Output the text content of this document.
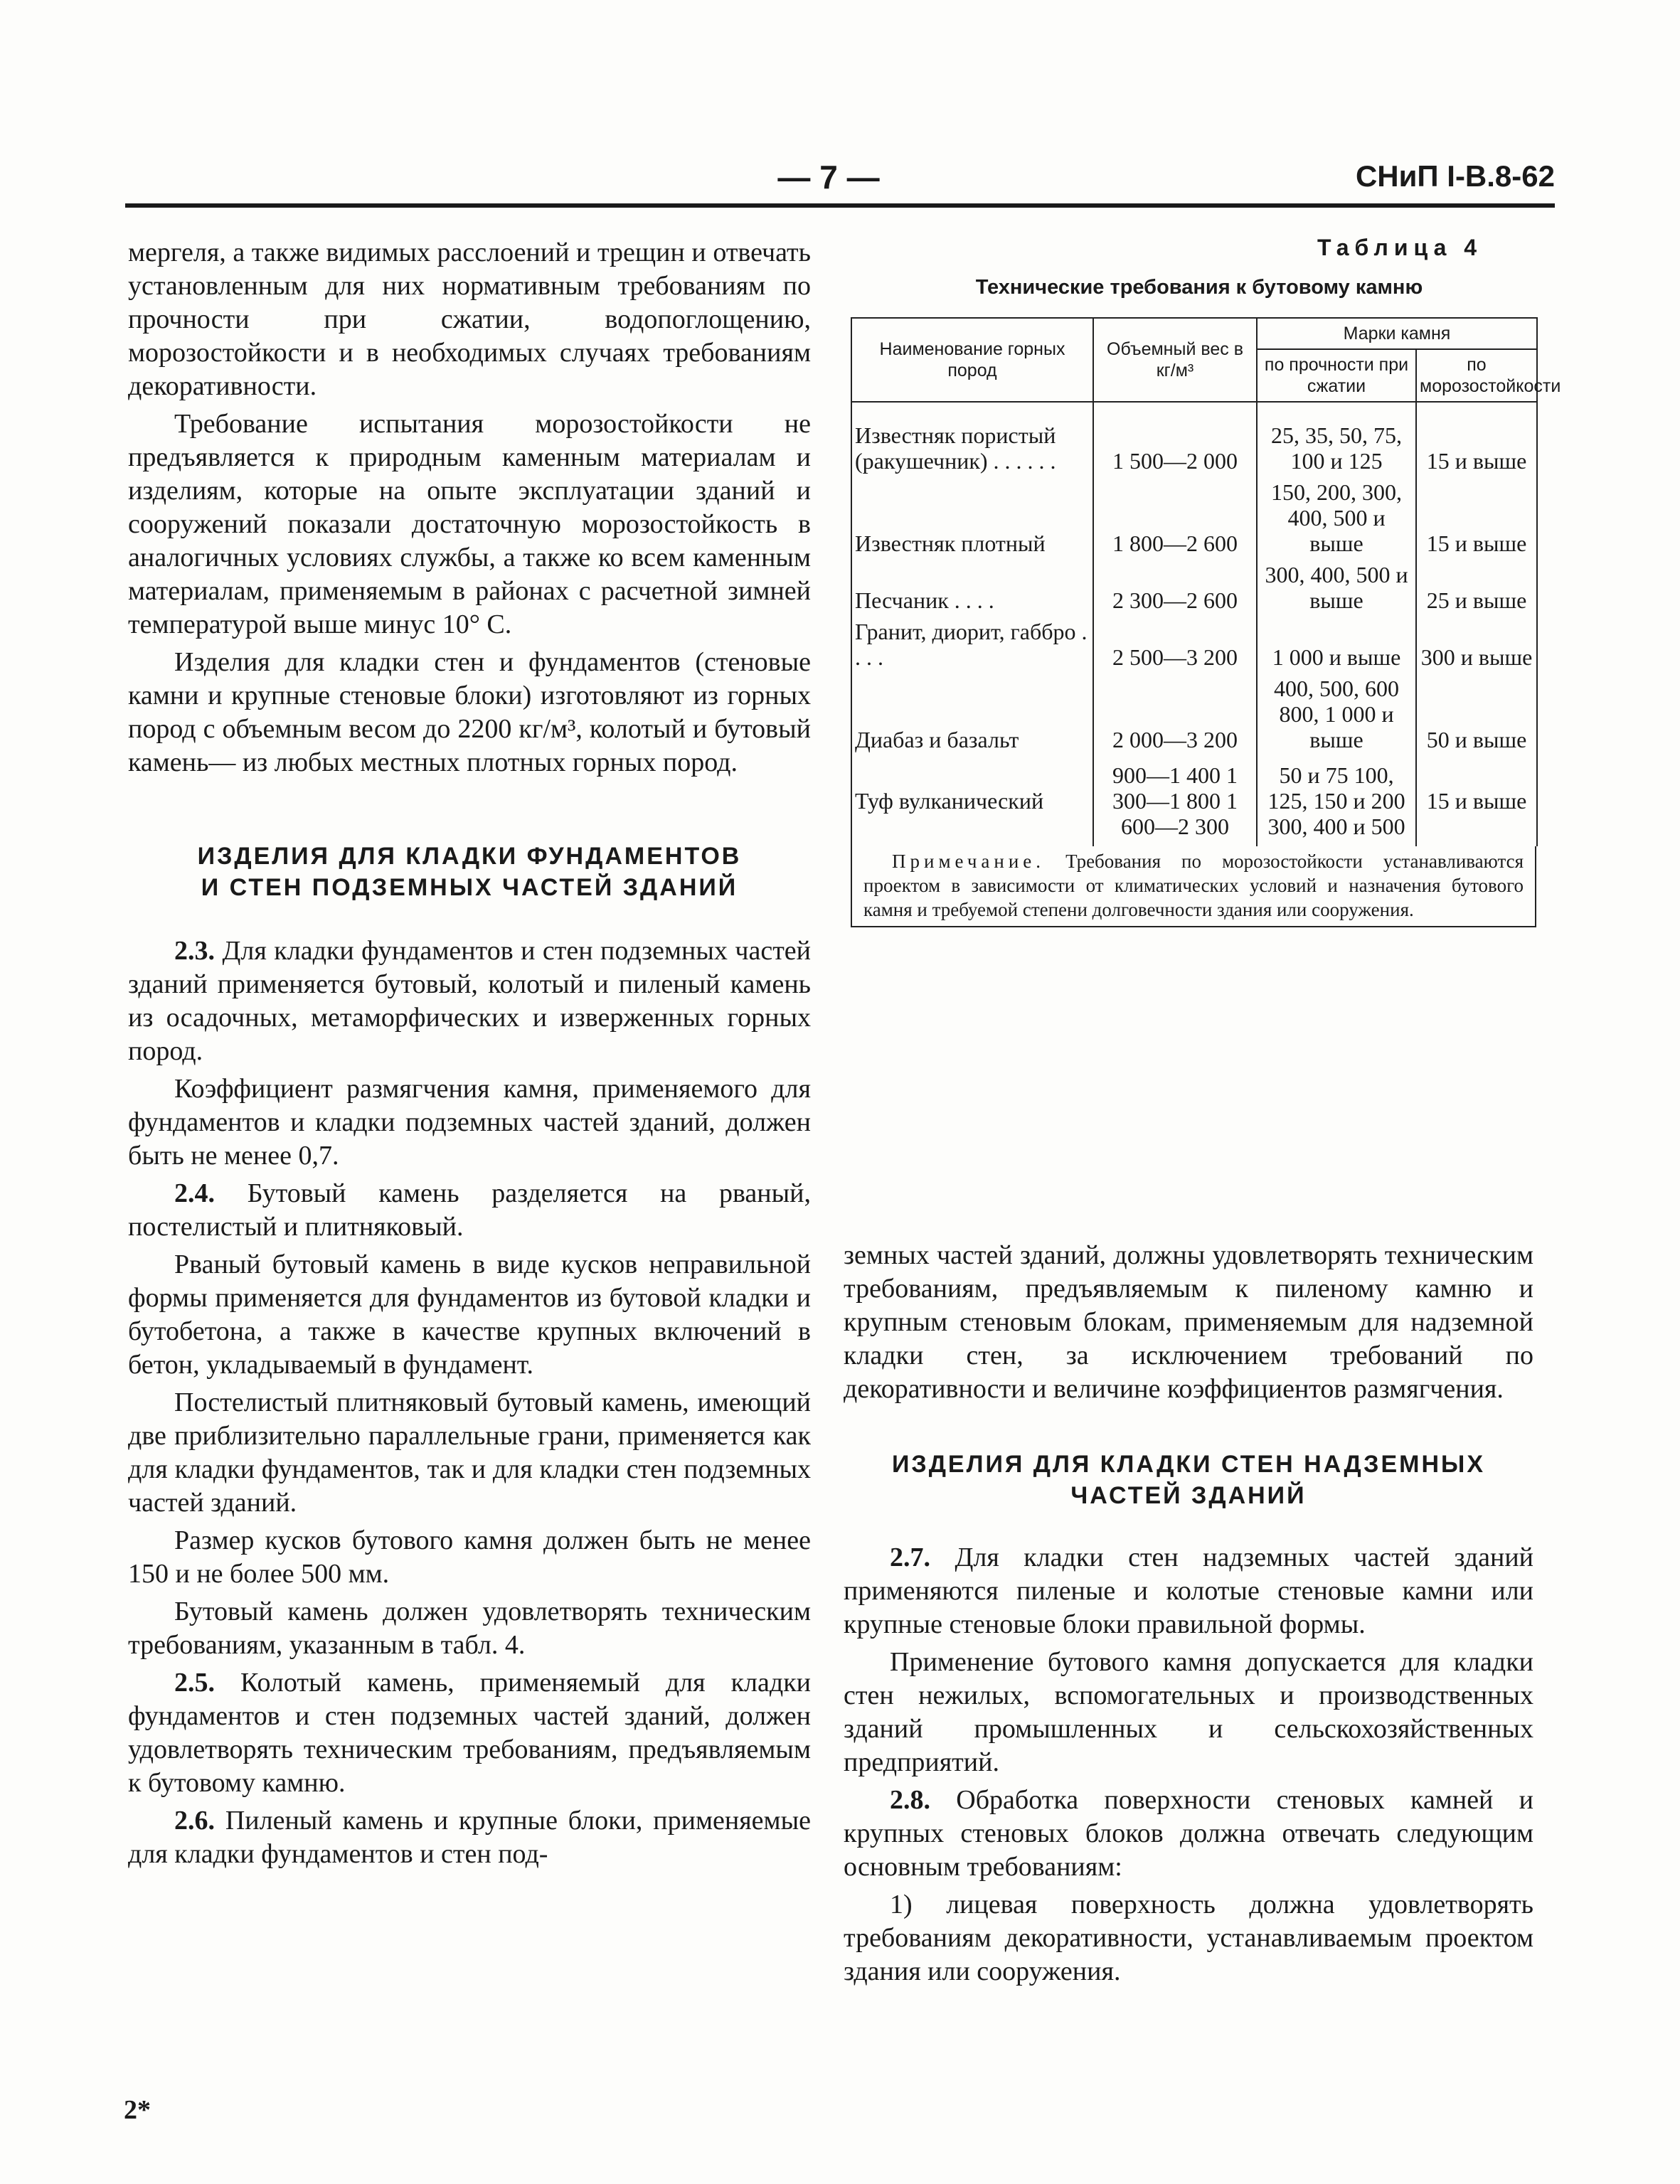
— 7 —	СНиП I-В.8-62

мергеля, а также видимых расслоений и трещин и отвечать установленным для них нормативным требованиям по прочности при сжатии, водопоглощению, морозостойкости и в необходимых случаях требованиям декоративности.

Требование испытания морозостойкости не предъявляется к природным каменным материалам и изделиям, которые на опыте эксплуатации зданий и сооружений показали достаточную морозостойкость в аналогичных условиях службы, а также ко всем каменным материалам, применяемым в районах с расчетной зимней температурой выше минус 10° С.

Изделия для кладки стен и фундаментов (стеновые камни и крупные стеновые блоки) изготовляют из горных пород с объемным весом до 2200 кг/м³, колотый и бутовый камень— из любых местных плотных горных пород.

ИЗДЕЛИЯ ДЛЯ КЛАДКИ ФУНДАМЕНТОВ
И СТЕН ПОДЗЕМНЫХ ЧАСТЕЙ ЗДАНИЙ

2.3. Для кладки фундаментов и стен подземных частей зданий применяется бутовый, колотый и пиленый камень из осадочных, метаморфических и изверженных горных пород.

Коэффициент размягчения камня, применяемого для фундаментов и кладки подземных частей зданий, должен быть не менее 0,7.

2.4. Бутовый камень разделяется на рваный, постелистый и плитняковый.

Рваный бутовый камень в виде кусков неправильной формы применяется для фундаментов из бутовой кладки и бутобетона, а также в качестве крупных включений в бетон, укладываемый в фундамент.

Постелистый плитняковый бутовый камень, имеющий две приблизительно параллельные грани, применяется как для кладки фундаментов, так и для кладки стен подземных частей зданий.

Размер кусков бутового камня должен быть не менее 150 и не более 500 мм.

Бутовый камень должен удовлетворять техническим требованиям, указанным в табл. 4.

2.5. Колотый камень, применяемый для кладки фундаментов и стен подземных частей зданий, должен удовлетворять техническим требованиям, предъявляемым к бутовому камню.

2.6. Пиленый камень и крупные блоки, применяемые для кладки фундаментов и стен под-

2*
Таблица 4
Технические требования к бутовому камню
Наименование горных пород	Объемный вес в кг/м³	Марки камня	
		по прочности при сжатии	по морозостойкости

Известняк пористый (ракушечник) . . . . . .	1 500—2 000	25, 35, 50, 75, 100 и 125	15 и выше
Известняк плотный	1 800—2 600	150, 200, 300, 400, 500 и выше	15 и выше
Песчаник . . . .	2 300—2 600	300, 400, 500 и выше	25 и выше
Гранит, диорит, габбро . . . .	2 500—3 200	1 000 и выше	300 и выше
Диабаз и базальт	2 000—3 200	400, 500, 600 800, 1 000 и выше	50 и выше
Туф вулканический	900—1 400 1 300—1 800 1 600—2 300	50 и 75 100, 125, 150 и 200 300, 400 и 500	15 и выше
Примечание. Требования по морозостойкости устанавливаются проектом в зависимости от климатических условий и назначения бутового камня и требуемой степени долговечности здания или сооружения.

земных частей зданий, должны удовлетворять техническим требованиям, предъявляемым к пиленому камню и крупным стеновым блокам, применяемым для надземной кладки стен, за исключением требований по декоративности и величине коэффициентов размягчения.

ИЗДЕЛИЯ ДЛЯ КЛАДКИ СТЕН НАДЗЕМНЫХ
ЧАСТЕЙ ЗДАНИЙ

2.7. Для кладки стен надземных частей зданий применяются пиленые и колотые стеновые камни или крупные стеновые блоки правильной формы.

Применение бутового камня допускается для кладки стен нежилых, вспомогательных и производственных зданий промышленных и сельскохозяйственных предприятий.

2.8. Обработка поверхности стеновых камней и крупных стеновых блоков должна отвечать следующим основным требованиям:

1) лицевая поверхность должна удовлетворять требованиям декоративности, устанавливаемым проектом здания или сооружения.
